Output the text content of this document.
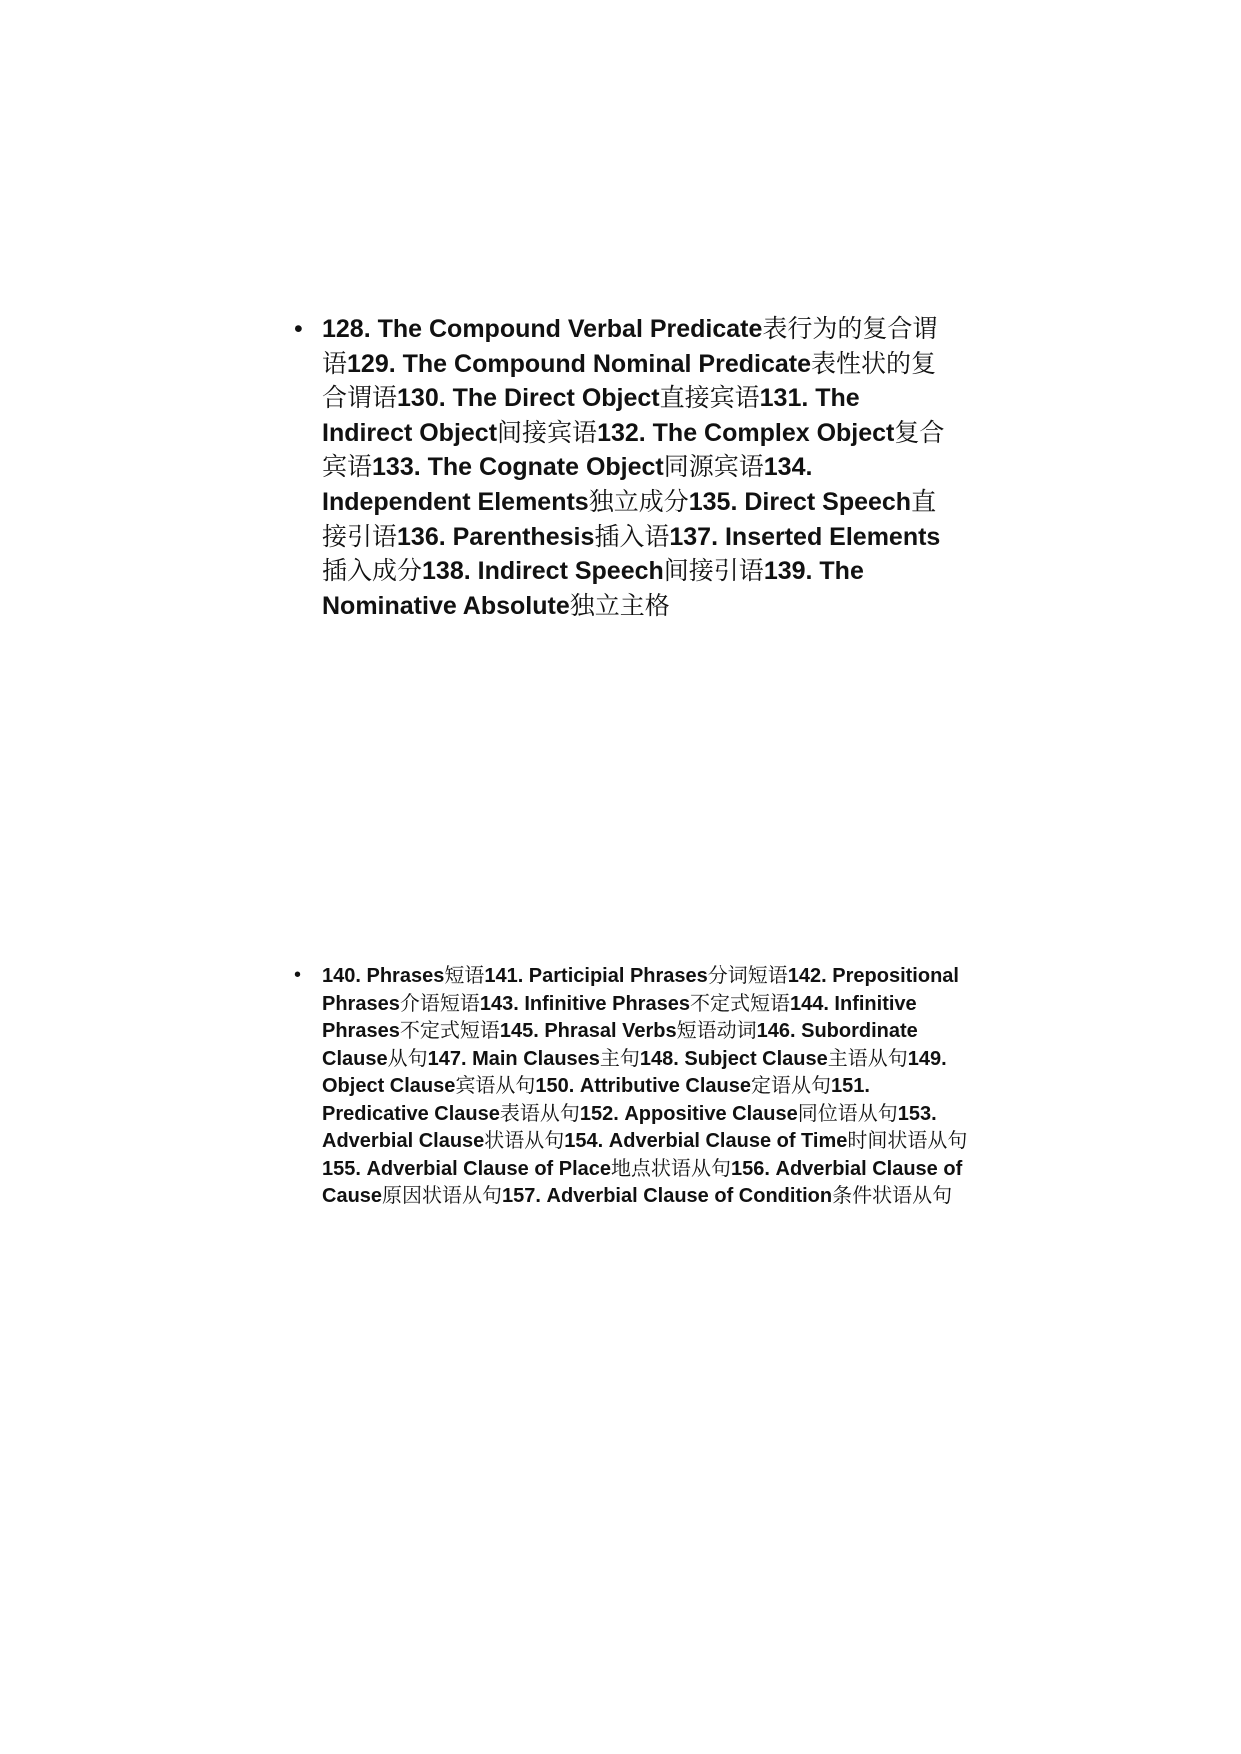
• 128. The Compound Verbal Predicate表行为的复合谓语129. The Compound Nominal Predicate表性状的复合谓语130. The Direct Object直接宾语131. The Indirect Object间接宾语132. The Complex Object复合宾语133. The Cognate Object同源宾语134. Independent Elements独立成分135. Direct Speech直接引语136. Parenthesis插入语137. Inserted Elements插入成分138. Indirect Speech间接引语139. The Nominative Absolute独立主格
• 140. Phrases短语141. Participial Phrases分词短语142. Prepositional Phrases介语短语143. Infinitive Phrases不定式短语144. Infinitive Phrases不定式短语145. Phrasal Verbs短语动词146. Subordinate Clause从句147. Main Clauses主句148. Subject Clause主语从句149. Object Clause宾语从句150. Attributive Clause定语从句151. Predicative Clause表语从句152. Appositive Clause同位语从句153. Adverbial Clause状语从句154. Adverbial Clause of Time时间状语从句155. Adverbial Clause of Place地点状语从句156. Adverbial Clause of Cause原因状语从句157. Adverbial Clause of Condition条件状语从句
